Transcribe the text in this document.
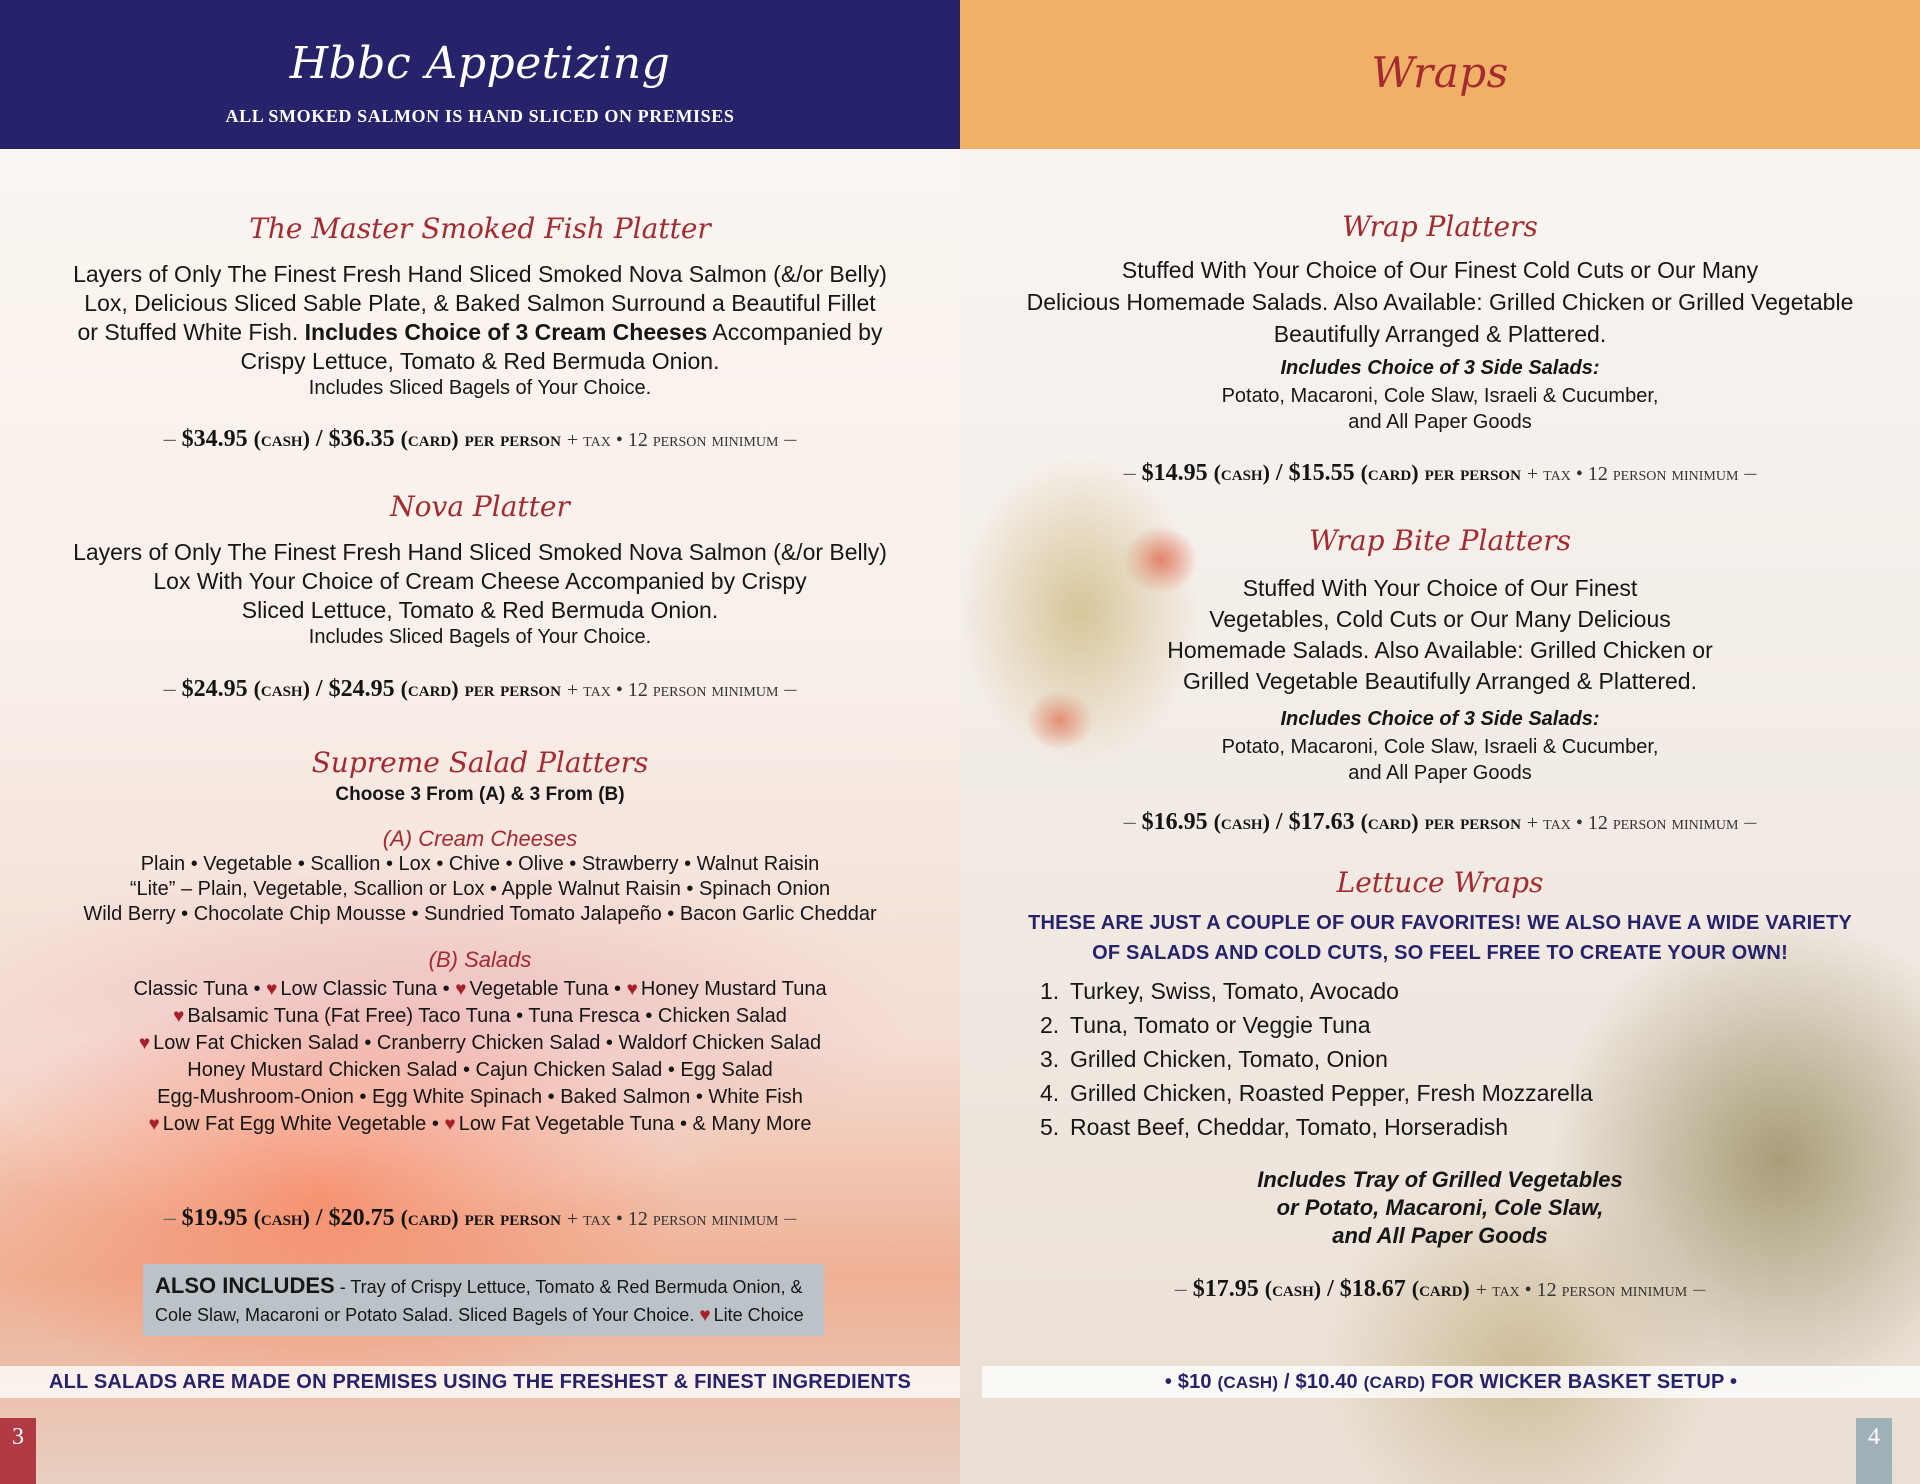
Hbbc Appetizing
ALL SMOKED SALMON IS HAND SLICED ON PREMISES
The Master Smoked Fish Platter
Layers of Only The Finest Fresh Hand Sliced Smoked Nova Salmon (&/or Belly)
Lox, Delicious Sliced Sable Plate, & Baked Salmon Surround a Beautiful Fillet
or Stuffed White Fish. Includes Choice of 3 Cream Cheeses Accompanied by
Crispy Lettuce, Tomato & Red Bermuda Onion.
Includes Sliced Bagels of Your Choice.
– $34.95 (cash) / $36.35 (card) per person + tax • 12 person minimum –
Nova Platter
Layers of Only The Finest Fresh Hand Sliced Smoked Nova Salmon (&/or Belly)
Lox With Your Choice of Cream Cheese Accompanied by Crispy
Sliced Lettuce, Tomato & Red Bermuda Onion.
Includes Sliced Bagels of Your Choice.
– $24.95 (cash) / $24.95 (card) per person + tax • 12 person minimum –
Supreme Salad Platters
Choose 3 From (A) & 3 From (B)
(A) Cream Cheeses
Plain • Vegetable • Scallion • Lox • Chive • Olive • Strawberry • Walnut Raisin
“Lite” – Plain, Vegetable, Scallion or Lox • Apple Walnut Raisin • Spinach Onion
Wild Berry • Chocolate Chip Mousse • Sundried Tomato Jalapeño • Bacon Garlic Cheddar
(B) Salads
Classic Tuna • ♥ Low Classic Tuna • ♥ Vegetable Tuna • ♥ Honey Mustard Tuna
♥ Balsamic Tuna (Fat Free) Taco Tuna • Tuna Fresca • Chicken Salad
♥ Low Fat Chicken Salad • Cranberry Chicken Salad • Waldorf Chicken Salad
Honey Mustard Chicken Salad • Cajun Chicken Salad • Egg Salad
Egg-Mushroom-Onion • Egg White Spinach • Baked Salmon • White Fish
♥ Low Fat Egg White Vegetable • ♥ Low Fat Vegetable Tuna • & Many More
– $19.95 (cash) / $20.75 (card) per person + tax • 12 person minimum –
ALSO INCLUDES - Tray of Crispy Lettuce, Tomato & Red Bermuda Onion, &
Cole Slaw, Macaroni or Potato Salad. Sliced Bagels of Your Choice. ♥ Lite Choice
ALL SALADS ARE MADE ON PREMISES USING THE FRESHEST & FINEST INGREDIENTS
3
Wraps
Wrap Platters
Stuffed With Your Choice of Our Finest Cold Cuts or Our Many
Delicious Homemade Salads. Also Available: Grilled Chicken or Grilled Vegetable
Beautifully Arranged & Plattered.
Includes Choice of 3 Side Salads:
Potato, Macaroni, Cole Slaw, Israeli & Cucumber,
and All Paper Goods
– $14.95 (cash) / $15.55 (card) per person + tax • 12 person minimum –
Wrap Bite Platters
Stuffed With Your Choice of Our Finest
Vegetables, Cold Cuts or Our Many Delicious
Homemade Salads. Also Available: Grilled Chicken or
Grilled Vegetable Beautifully Arranged & Plattered.
Includes Choice of 3 Side Salads:
Potato, Macaroni, Cole Slaw, Israeli & Cucumber,
and All Paper Goods
– $16.95 (cash) / $17.63 (card) per person + tax • 12 person minimum –
Lettuce Wraps
THESE ARE JUST A COUPLE OF OUR FAVORITES! WE ALSO HAVE A WIDE VARIETY
OF SALADS AND COLD CUTS, SO FEEL FREE TO CREATE YOUR OWN!
1. Turkey, Swiss, Tomato, Avocado
2. Tuna, Tomato or Veggie Tuna
3. Grilled Chicken, Tomato, Onion
4. Grilled Chicken, Roasted Pepper, Fresh Mozzarella
5. Roast Beef, Cheddar, Tomato, Horseradish
Includes Tray of Grilled Vegetables
or Potato, Macaroni, Cole Slaw,
and All Paper Goods
– $17.95 (cash) / $18.67 (card) + tax • 12 person minimum –
• $10 (CASH) / $10.40 (CARD) FOR WICKER BASKET SETUP •
4
